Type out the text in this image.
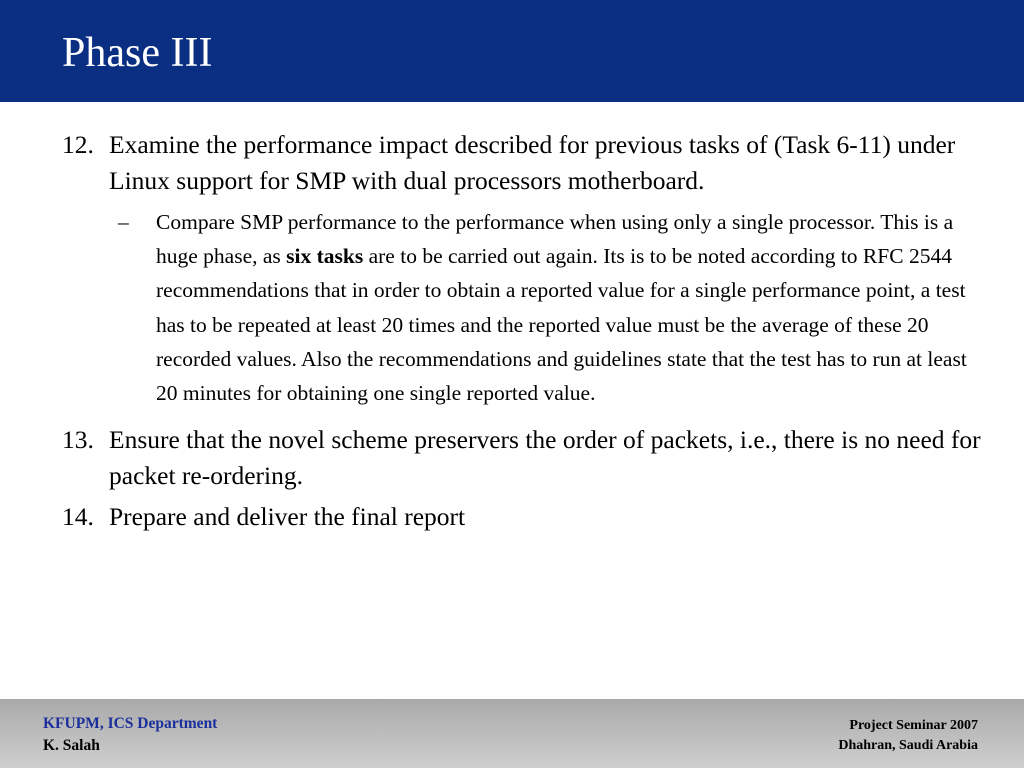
Phase III
12. Examine the performance impact described for previous tasks of (Task 6-11) under Linux support for SMP with dual processors motherboard.
– Compare SMP performance to the performance when using only a single processor. This is a huge phase, as six tasks are to be carried out again. Its is to be noted according to RFC 2544 recommendations that in order to obtain a reported value for a single performance point, a test has to be repeated at least 20 times and the reported value must be the average of these 20 recorded values. Also the recommendations and guidelines state that the test has to run at least 20 minutes for obtaining one single reported value.
13. Ensure that the novel scheme preservers the order of packets, i.e., there is no need for packet re-ordering.
14. Prepare and deliver the final report
KFUPM, ICS Department
K. Salah
Project Seminar 2007
Dhahran, Saudi Arabia
